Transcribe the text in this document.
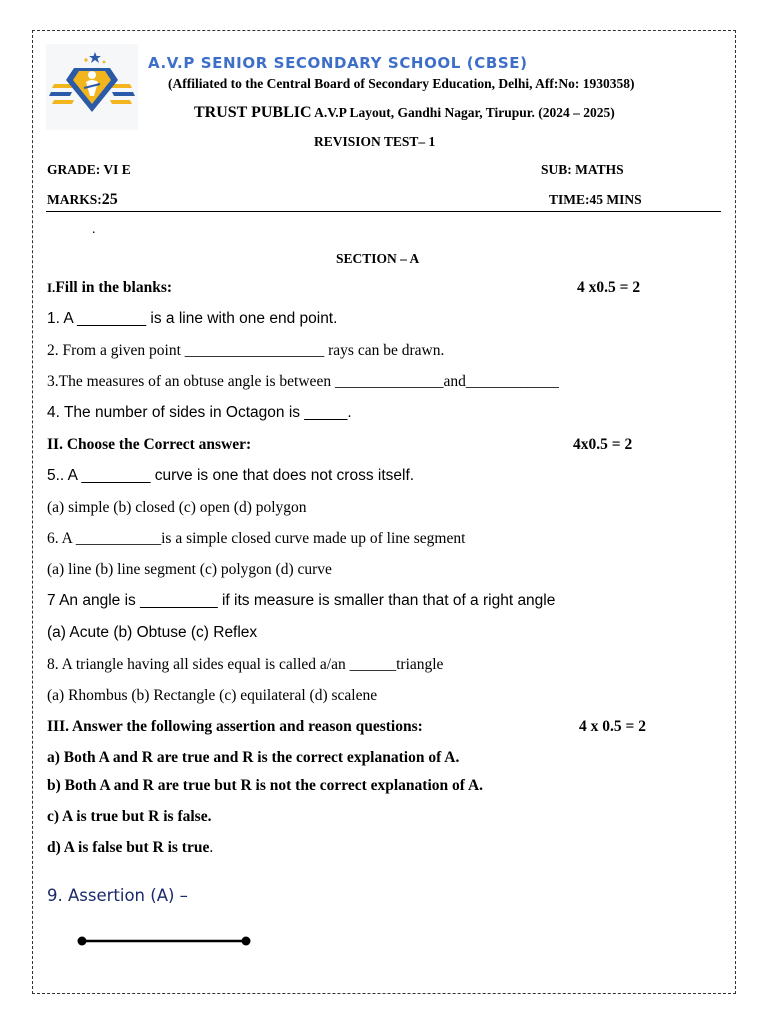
A.V.P SENIOR SECONDARY SCHOOL (CBSE)
(Affiliated to the Central Board of Secondary Education, Delhi, Aff:No: 1930358)
TRUST PUBLIC A.V.P Layout, Gandhi Nagar, Tirupur. (2024 – 2025)
REVISION TEST– 1
GRADE: VI E	SUB: MATHS
MARKS:25	TIME:45 MINS
.
SECTION – A
I.Fill in the blanks:	4 x0.5 = 2
1. A ________ is a line with one end point.
2. From a given point __________________ rays can be drawn.
3.The measures of an obtuse angle is between ______________and____________
4. The number of sides in Octagon is _____.
II. Choose the Correct answer:	4x0.5 = 2
5.. A ________ curve is one that does not cross itself.
(a) simple (b) closed (c) open (d) polygon
6. A ___________is a simple closed curve made up of line segment
(a) line (b) line segment (c) polygon (d) curve
7 An angle is _________ if its measure is smaller than that of a right angle
(a) Acute (b) Obtuse (c) Reflex
8. A triangle having all sides equal is called a/an ______triangle
(a) Rhombus (b) Rectangle (c) equilateral (d) scalene
III. Answer the following assertion and reason questions:	4 x 0.5 = 2
a) Both A and R are true and R is the correct explanation of A.
b) Both A and R are true but R is not the correct explanation of A.
c) A is true but R is false.
d) A is false but R is true.
9. Assertion (A) –
